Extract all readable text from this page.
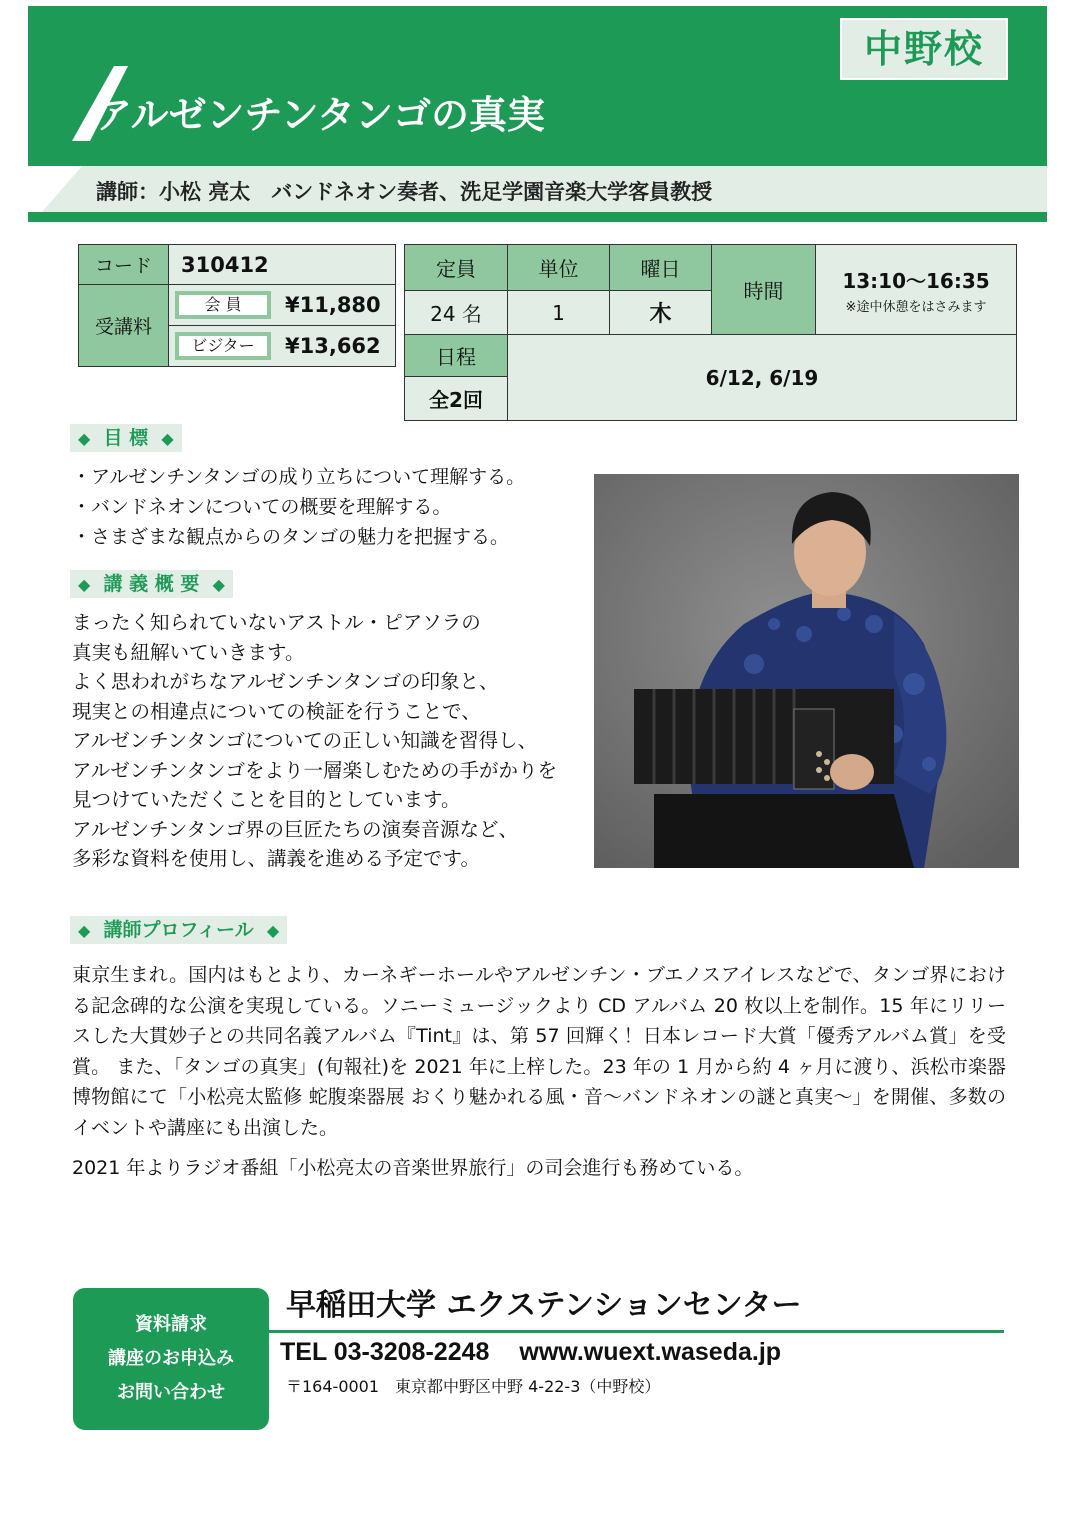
中野校
アルゼンチンタンゴの真実
講師：小松 亮太　バンドネオン奏者、洗足学園音楽大学客員教授
コード	310412
受講料	会 員 ¥11,880

	ビジター ¥13,662
定員	単位	曜日	時間	13:10～16:35
※途中休憩をはさみます

24 名	1	木		
日程	6/12, 6/19			
全2回				
◆ 目 標 ◆
・アルゼンチンタンゴの成り立ちについて理解する。
・バンドネオンについての概要を理解する。
・さまざまな観点からのタンゴの魅力を把握する。
◆ 講 義 概 要 ◆
まったく知られていないアストル・ピアソラの
真実も紐解いていきます。
よく思われがちなアルゼンチンタンゴの印象と、
現実との相違点についての検証を行うことで、
アルゼンチンタンゴについての正しい知識を習得し、
アルゼンチンタンゴをより一層楽しむための手がかりを
見つけていただくことを目的としています。
アルゼンチンタンゴ界の巨匠たちの演奏音源など、
多彩な資料を使用し、講義を進める予定です。
◆ 講師プロフィール ◆

東京生まれ。国内はもとより、カーネギーホールやアルゼンチン・ブエノスアイレスなどで、タンゴ界における記念碑的な公演を実現している。ソニーミュージックより CD アルバム 20 枚以上を制作。15 年にリリースした大貫妙子との共同名義アルバム『Tint』は、第 57 回輝く！日本レコード大賞「優秀アルバム賞」を受賞。 また、「タンゴの真実」(旬報社)を 2021 年に上梓した。23 年の 1 月から約 4 ヶ月に渡り、浜松市楽器博物館にて「小松亮太監修 蛇腹楽器展 おくり魅かれる風・音～バンドネオンの謎と真実～」を開催、多数のイベントや講座にも出演した。

2021 年よりラジオ番組「小松亮太の音楽世界旅行」の司会進行も務めている。

資料請求
講座のお申込み
お問い合わせ
早稲田大学 エクステンションセンター
TEL 03-3208-2248 www.wuext.waseda.jp
〒164-0001　東京都中野区中野 4-22-3（中野校）
